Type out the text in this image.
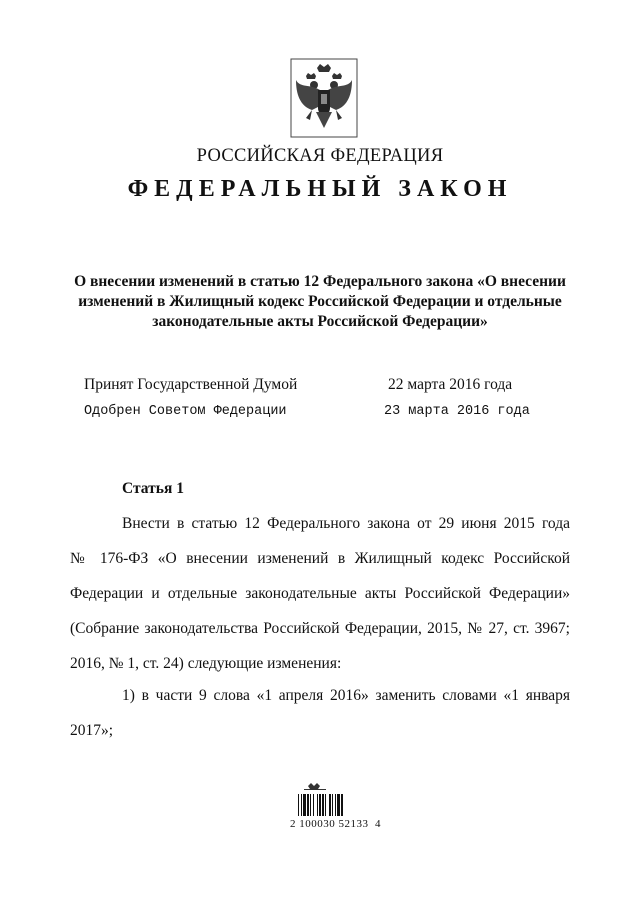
РОССИЙСКАЯ ФЕДЕРАЦИЯ
ФЕДЕРАЛЬНЫЙ ЗАКОН
О внесении изменений в статью 12 Федерального закона «О внесении
изменений в Жилищный кодекс Российской Федерации и отдельные
законодательные акты Российской Федерации»
Принят Государственной Думой	22 марта 2016 года
Одобрен Советом Федерации	23 марта 2016 года
Статья 1
Внести в статью 12 Федерального закона от 29 июня 2015 года
№ 176-ФЗ «О внесении изменений в Жилищный кодекс Российской
Федерации и отдельные законодательные акты Российской Федерации»
(Собрание законодательства Российской Федерации, 2015, № 27, ст. 3967;
2016, № 1, ст. 24) следующие изменения:
1) в части 9 слова «1 апреля 2016» заменить словами «1 января
2017»;
2 100030 52133  4
